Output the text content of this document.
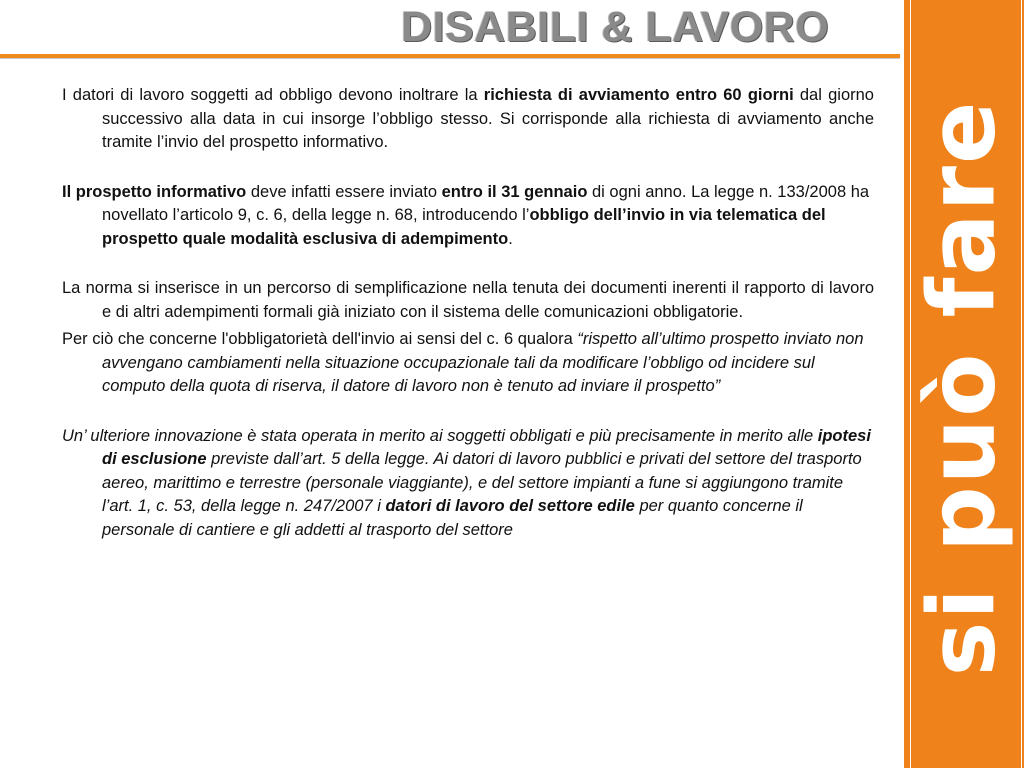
DISABILI & LAVORO
si può fare

I datori di lavoro soggetti ad obbligo devono inoltrare la richiesta di avviamento entro 60 giorni dal giorno successivo alla data in cui insorge l’obbligo stesso. Si corrisponde alla richiesta di avviamento anche tramite l’invio del prospetto informativo.

Il prospetto informativo deve infatti essere inviato entro il 31 gennaio di ogni anno. La legge n. 133/2008 ha novellato l’articolo 9, c. 6, della legge n. 68, introducendo l’obbligo dell’invio in via telematica del prospetto quale modalità esclusiva di adempimento.

La norma si inserisce in un percorso di semplificazione nella tenuta dei documenti inerenti il rapporto di lavoro e di altri adempimenti formali già iniziato con il sistema delle comunicazioni obbligatorie.

Per ciò che concerne l'obbligatorietà dell'invio ai sensi del c. 6 qualora “rispetto all’ultimo prospetto inviato non avvengano cambiamenti nella situazione occupazionale tali da modificare l’obbligo od incidere sul computo della quota di riserva, il datore di lavoro non è tenuto ad inviare il prospetto”

Un’ ulteriore innovazione è stata operata in merito ai soggetti obbligati e più precisamente in merito alle ipotesi di esclusione previste dall’art. 5 della legge. Ai datori di lavoro pubblici e privati del settore del trasporto aereo, marittimo e terrestre (personale viaggiante), e del settore impianti a fune si aggiungono tramite l’art. 1, c. 53, della legge n. 247/2007 i datori di lavoro del settore edile per quanto concerne il personale di cantiere e gli addetti al trasporto del settore
